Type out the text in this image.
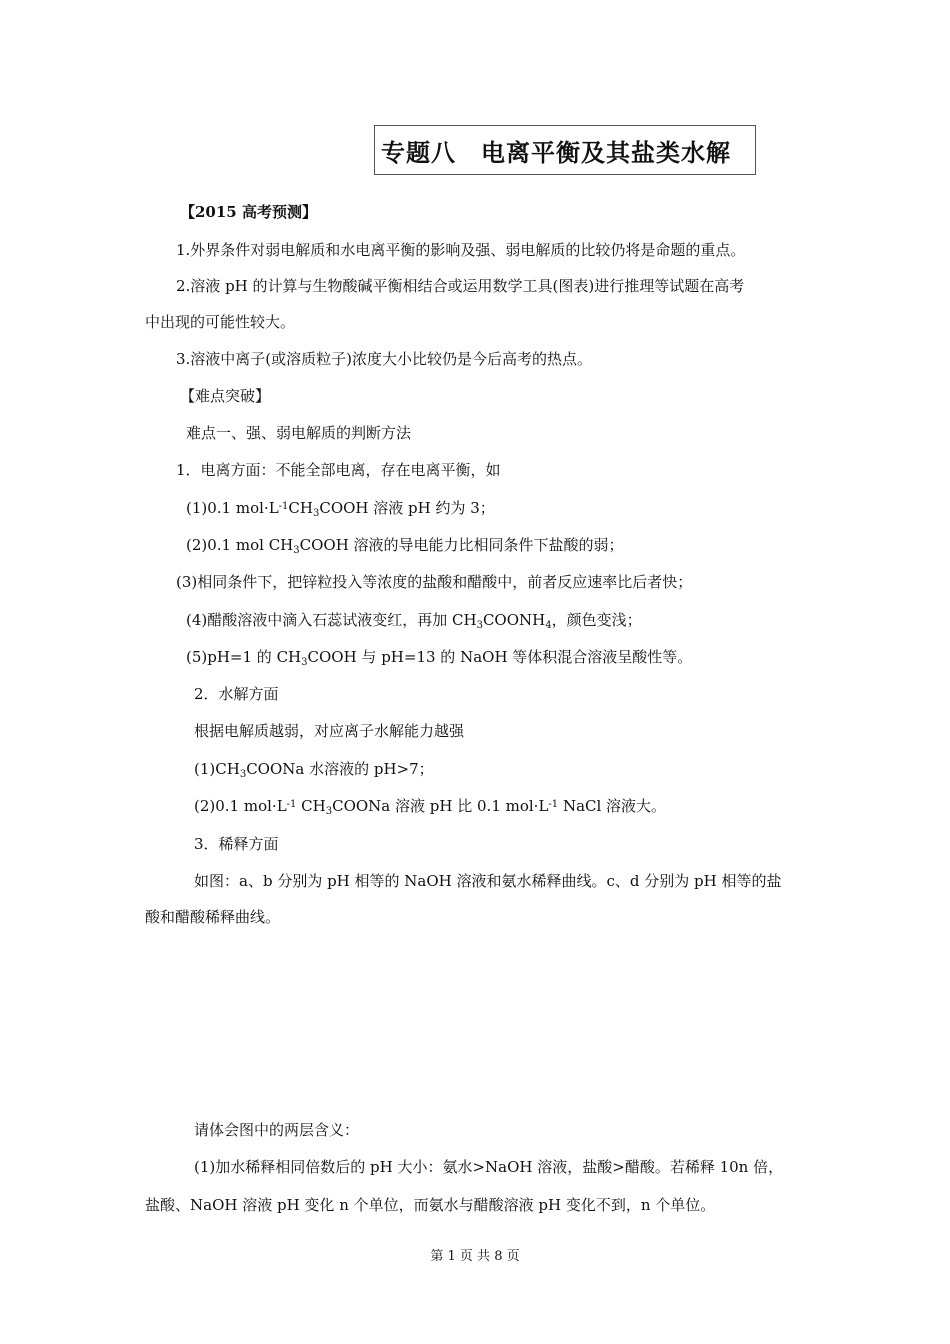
专题八　电离平衡及其盐类水解
【2015 高考预测】
1.外界条件对弱电解质和水电离平衡的影响及强、弱电解质的比较仍将是命题的重点。
2.溶液 pH 的计算与生物酸碱平衡相结合或运用数学工具(图表)进行推理等试题在高考
中出现的可能性较大。
3.溶液中离子(或溶质粒子)浓度大小比较仍是今后高考的热点。
【难点突破】
难点一、强、弱电解质的判断方法
1．电离方面：不能全部电离，存在电离平衡，如
(1)0.1 $mol\cdot L^{-1}CH_3COOH$ 溶液 pH 约为 3；
(2)0.1 mol $CH_3COOH$ 溶液的导电能力比相同条件下盐酸的弱；
(3)相同条件下，把锌粒投入等浓度的盐酸和醋酸中，前者反应速率比后者快；
(4)醋酸溶液中滴入石蕊试液变红，再加 $CH_3COONH_4$，颜色变浅；
(5)pH=1 的 $CH_3COOH$ 与 pH=13 的 NaOH 等体积混合溶液呈酸性等。
2．水解方面
根据电解质越弱，对应离子水解能力越强
$(1)CH_3COONa$ 水溶液的 pH>7；
(2)0.1 $mol\cdot L^{-1}$ $CH_3COONa$ 溶液 pH 比 0.1 $mol\cdot L^{-1}$ NaCl 溶液大。
3．稀释方面
如图：a、b 分别为 pH 相等的 NaOH 溶液和氨水稀释曲线。c、d 分别为 pH 相等的盐
酸和醋酸稀释曲线。
请体会图中的两层含义：
(1)加水稀释相同倍数后的 pH 大小：氨水>NaOH 溶液，盐酸>醋酸。若稀释 10n 倍，
盐酸、NaOH 溶液 pH 变化 n 个单位，而氨水与醋酸溶液 pH 变化不到，n 个单位。
第 1 页 共 8 页
